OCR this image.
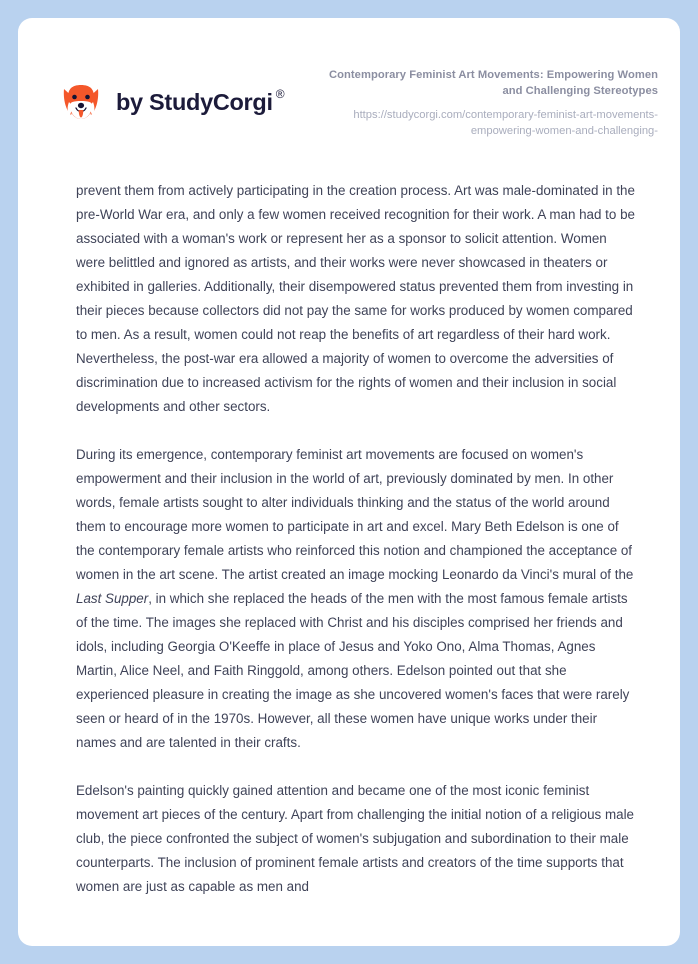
by StudyCorgi ®

Contemporary Feminist Art Movements: Empowering Women and Challenging Stereotypes

https://studycorgi.com/contemporary-feminist-art-movements-empowering-women-and-challenging-

prevent them from actively participating in the creation process. Art was male-dominated in the pre-World War era, and only a few women received recognition for their work. A man had to be associated with a woman's work or represent her as a sponsor to solicit attention. Women were belittled and ignored as artists, and their works were never showcased in theaters or exhibited in galleries. Additionally, their disempowered status prevented them from investing in their pieces because collectors did not pay the same for works produced by women compared to men. As a result, women could not reap the benefits of art regardless of their hard work. Nevertheless, the post-war era allowed a majority of women to overcome the adversities of discrimination due to increased activism for the rights of women and their inclusion in social developments and other sectors.

During its emergence, contemporary feminist art movements are focused on women's empowerment and their inclusion in the world of art, previously dominated by men. In other words, female artists sought to alter individuals thinking and the status of the world around them to encourage more women to participate in art and excel. Mary Beth Edelson is one of the contemporary female artists who reinforced this notion and championed the acceptance of women in the art scene. The artist created an image mocking Leonardo da Vinci's mural of the Last Supper, in which she replaced the heads of the men with the most famous female artists of the time. The images she replaced with Christ and his disciples comprised her friends and idols, including Georgia O'Keeffe in place of Jesus and Yoko Ono, Alma Thomas, Agnes Martin, Alice Neel, and Faith Ringgold, among others. Edelson pointed out that she experienced pleasure in creating the image as she uncovered women's faces that were rarely seen or heard of in the 1970s. However, all these women have unique works under their names and are talented in their crafts.

Edelson's painting quickly gained attention and became one of the most iconic feminist movement art pieces of the century. Apart from challenging the initial notion of a religious male club, the piece confronted the subject of women's subjugation and subordination to their male counterparts. The inclusion of prominent female artists and creators of the time supports that women are just as capable as men and
